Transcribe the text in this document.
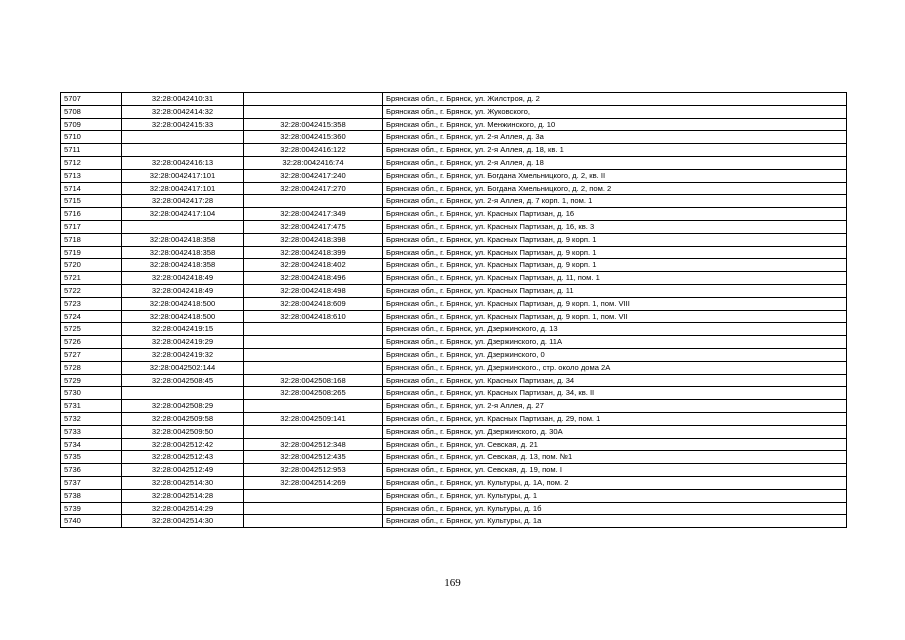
5707	32:28:0042410:31		Брянская обл., г. Брянск, ул. Жилстроя, д. 2
5708	32:28:0042414:32		Брянская обл., г. Брянск, ул. Жуковского,
5709	32:28:0042415:33	32:28:0042415:358	Брянская обл., г. Брянск, ул. Менжинского, д. 10
5710		32:28:0042415:360	Брянская обл., г. Брянск, ул. 2-я Аллея, д. 3а
5711		32:28:0042416:122	Брянская обл., г. Брянск, ул. 2-я Аллея, д. 18, кв. 1
5712	32:28:0042416:13	32:28:0042416:74	Брянская обл., г. Брянск, ул. 2-я Аллея, д. 18
5713	32:28:0042417:101	32:28:0042417:240	Брянская обл., г. Брянск, ул. Богдана Хмельницкого, д. 2, кв. II
5714	32:28:0042417:101	32:28:0042417:270	Брянская обл., г. Брянск, ул. Богдана Хмельницкого, д. 2, пом. 2
5715	32:28:0042417:28		Брянская обл., г. Брянск, ул. 2-я Аллея, д. 7 корп. 1, пом. 1
5716	32:28:0042417:104	32:28:0042417:349	Брянская обл., г. Брянск, ул. Красных Партизан, д. 16
5717		32:28:0042417:475	Брянская обл., г. Брянск, ул. Красных Партизан, д. 16, кв. 3
5718	32:28:0042418:358	32:28:0042418:398	Брянская обл., г. Брянск, ул. Красных Партизан, д. 9 корп. 1
5719	32:28:0042418:358	32:28:0042418:399	Брянская обл., г. Брянск, ул. Красных Партизан, д. 9 корп. 1
5720	32:28:0042418:358	32:28:0042418:402	Брянская обл., г. Брянск, ул. Красных Партизан, д. 9 корп. 1
5721	32:28:0042418:49	32:28:0042418:496	Брянская обл., г. Брянск, ул. Красных Партизан, д. 11, пом. 1
5722	32:28:0042418:49	32:28:0042418:498	Брянская обл., г. Брянск, ул. Красных Партизан, д. 11
5723	32:28:0042418:500	32:28:0042418:609	Брянская обл., г. Брянск, ул. Красных Партизан, д. 9 корп. 1, пом. VIII
5724	32:28:0042418:500	32:28:0042418:610	Брянская обл., г. Брянск, ул. Красных Партизан, д. 9 корп. 1, пом. VII
5725	32:28:0042419:15		Брянская обл., г. Брянск, ул. Дзержинского, д. 13
5726	32:28:0042419:29		Брянская обл., г. Брянск, ул. Дзержинского, д. 11А
5727	32:28:0042419:32		Брянская обл., г. Брянск, ул. Дзержинского, 0
5728	32:28:0042502:144		Брянская обл., г. Брянск, ул. Дзержинского., стр. около дома 2А
5729	32:28:0042508:45	32:28:0042508:168	Брянская обл., г. Брянск, ул. Красных Партизан, д. 34
5730		32:28:0042508:265	Брянская обл., г. Брянск, ул. Красных Партизан, д. 34, кв. II
5731	32:28:0042508:29		Брянская обл., г. Брянск, ул. 2-я Аллея, д. 27
5732	32:28:0042509:58	32:28:0042509:141	Брянская обл., г. Брянск, ул. Красных Партизан, д. 29, пом. 1
5733	32:28:0042509:50		Брянская обл., г. Брянск, ул. Дзержинского, д. 30А
5734	32:28:0042512:42	32:28:0042512:348	Брянская обл., г. Брянск, ул. Севская, д. 21
5735	32:28:0042512:43	32:28:0042512:435	Брянская обл., г. Брянск, ул. Севская, д. 13, пом. №1
5736	32:28:0042512:49	32:28:0042512:953	Брянская обл., г. Брянск, ул. Севская, д. 19, пом. I
5737	32:28:0042514:30	32:28:0042514:269	Брянская обл., г. Брянск, ул. Культуры, д. 1А, пом. 2
5738	32:28:0042514:28		Брянская обл., г. Брянск, ул. Культуры, д. 1
5739	32:28:0042514:29		Брянская обл., г. Брянск, ул. Культуры, д. 1б
5740	32:28:0042514:30		Брянская обл., г. Брянск, ул. Культуры, д. 1а
169
